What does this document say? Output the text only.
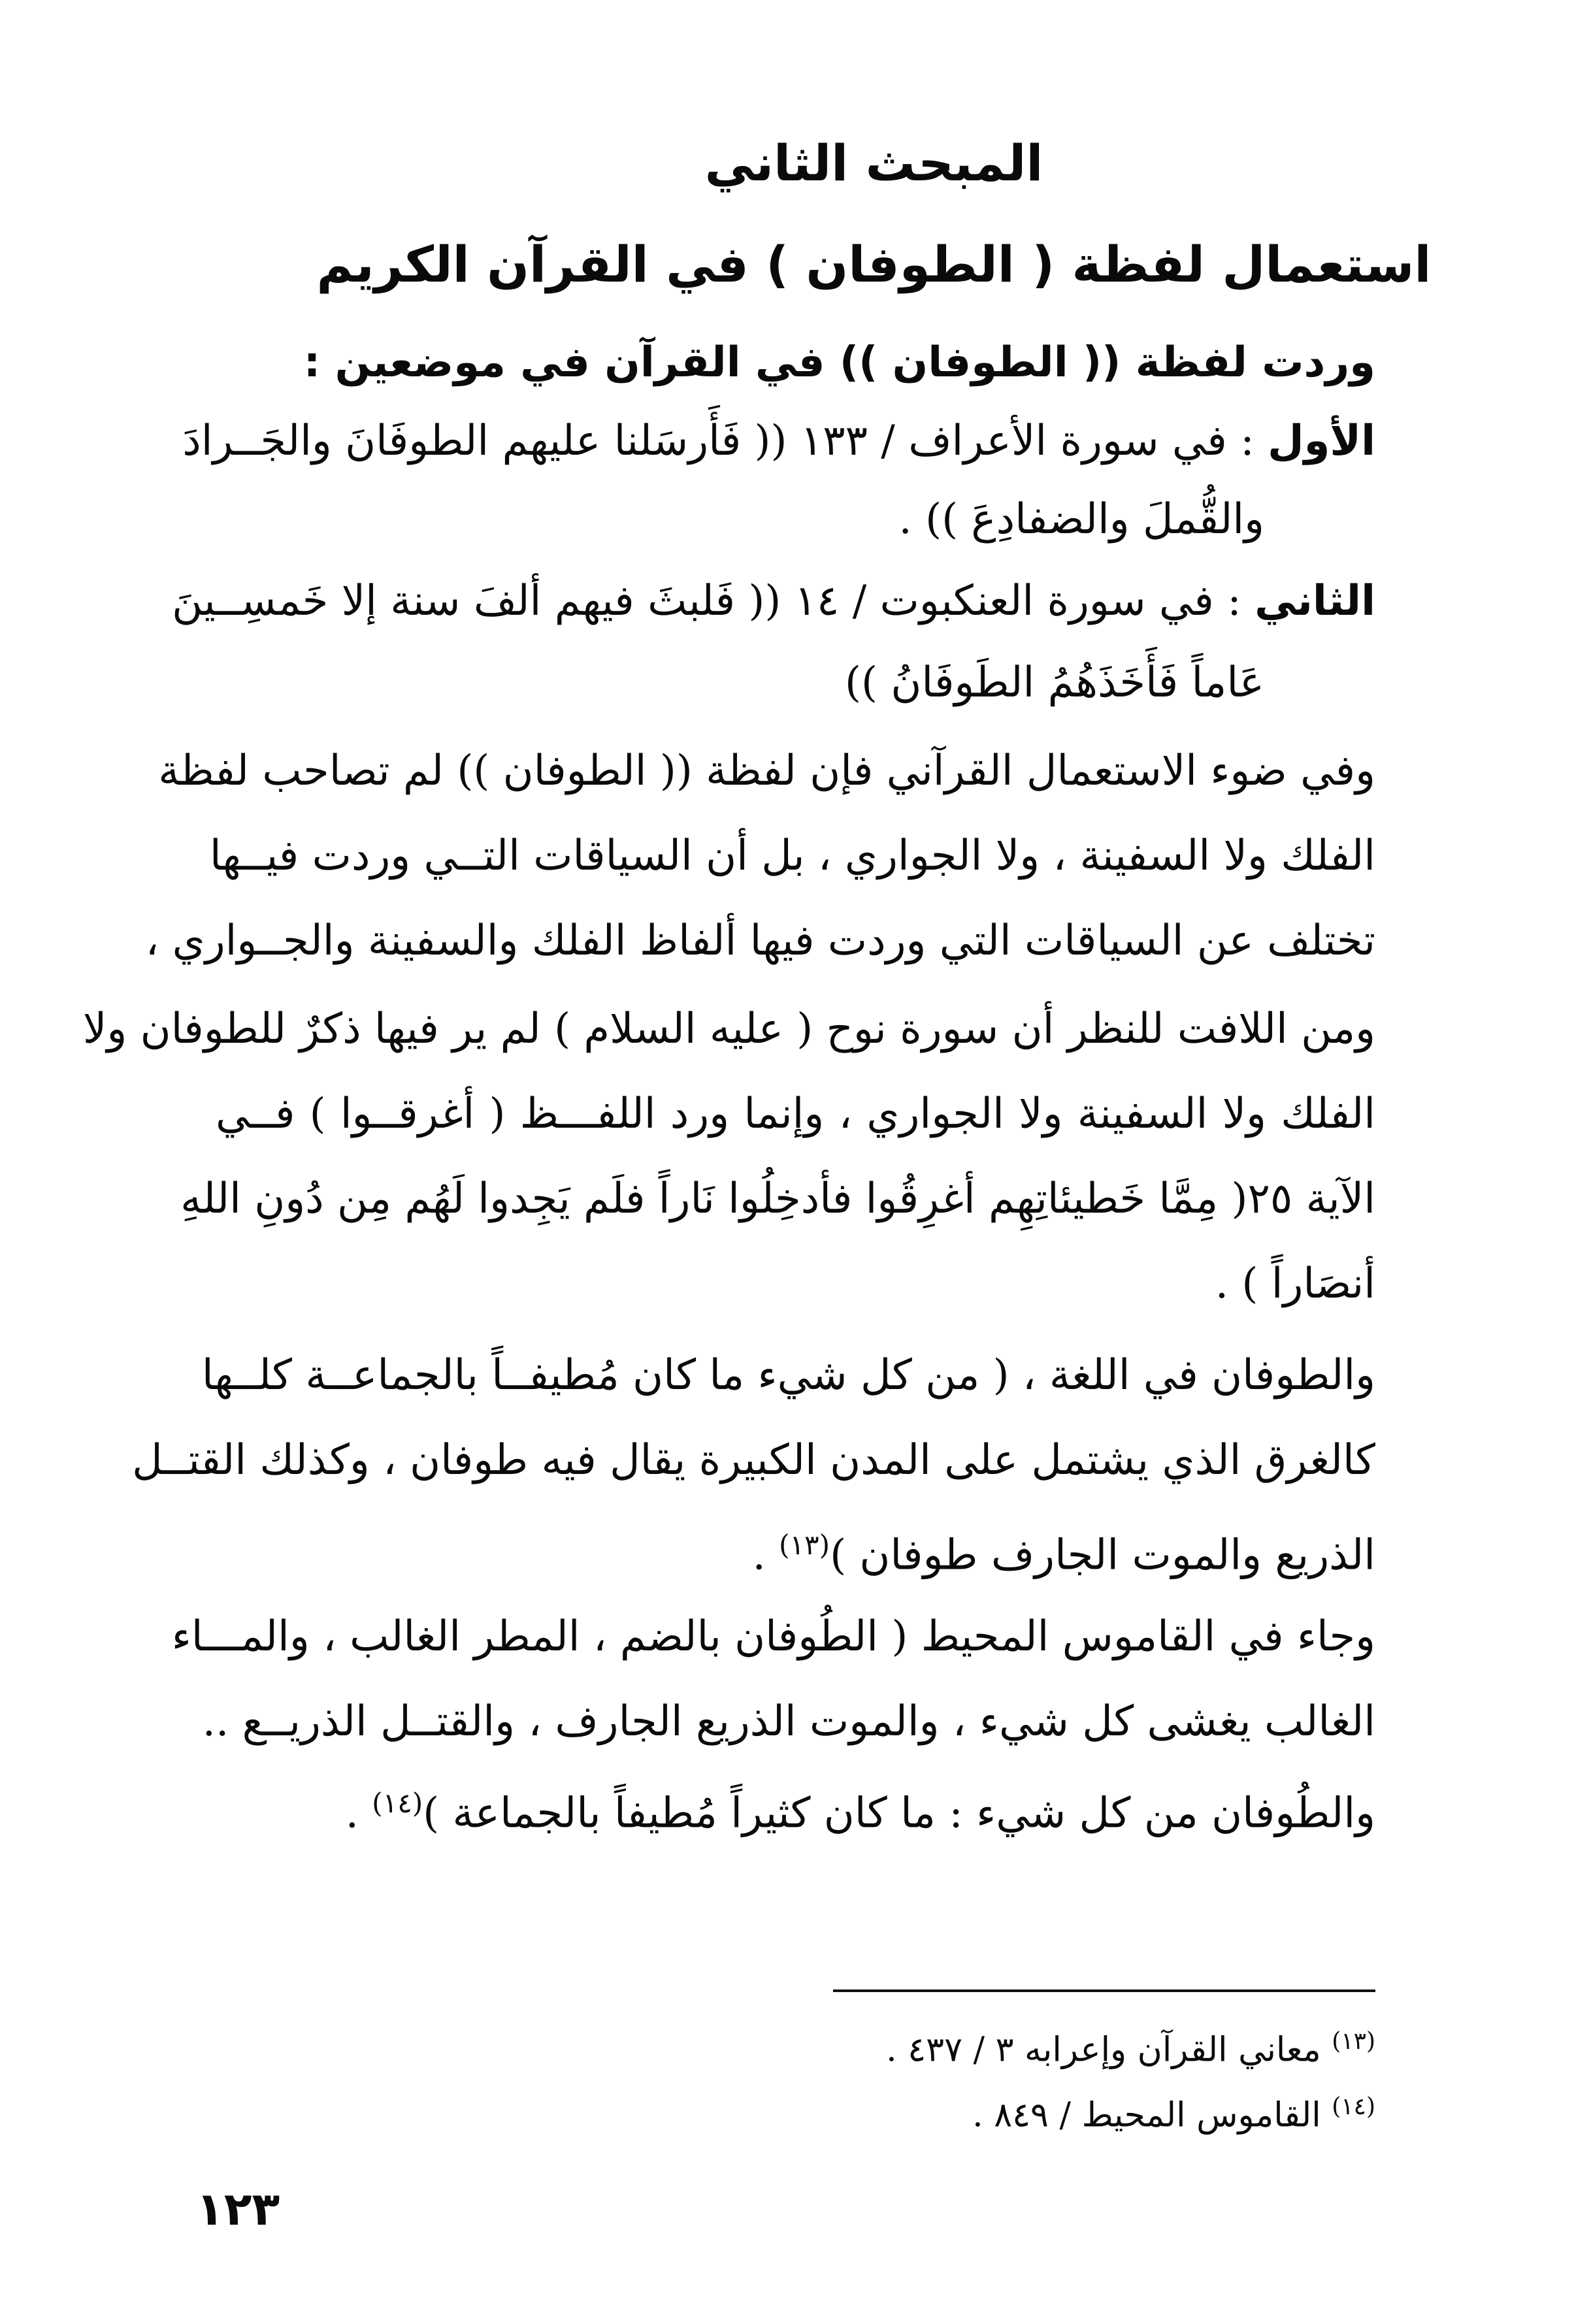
المبحث الثاني
استعمال لفظة ( الطوفان ) في القرآن الكريم
وردت لفظة (( الطوفان )) في القرآن في موضعين :
الأول : في سورة الأعراف / ١٣٣ (( فَأَرسَلنا عليهم الطوفَانَ والجَــرادَ
والقُّملَ والضفادِعَ )) .
الثاني : في سورة العنكبوت / ١٤ (( فَلبثَ فيهم ألفَ سنة إلا خَمسِــينَ
عَاماً فَأَخَذَهُمُ الطَوفَانُ ))
وفي ضوء الاستعمال القرآني فإن لفظة (( الطوفان )) لم تصاحب لفظة
الفلك ولا السفينة ، ولا الجواري ، بل أن السياقات التــي وردت فيــها
تختلف عن السياقات التي وردت فيها ألفاظ الفلك والسفينة والجــواري ،
ومن اللافت للنظر أن سورة نوح ( عليه السلام ) لم ير فيها ذكرٌ للطوفان ولا
الفلك ولا السفينة ولا الجواري ، وإنما ورد اللفـــظ ( أغرقــوا ) فــي
الآية ٢٥( مِمَّا خَطيئاتِهِم أغرِقُوا فأدخِلُوا نَاراً فلَم يَجِدوا لَهُم مِن دُونِ اللهِ
أنصَاراً ) .
والطوفان في اللغة ، ( من كل شيء ما كان مُطيفــاً بالجماعــة كلــها
كالغرق الذي يشتمل على المدن الكبيرة يقال فيه طوفان ، وكذلك القتــل
الذريع والموت الجارف طوفان )$^{(١٣)}$ .
وجاء في القاموس المحيط ( الطُوفان بالضم ، المطر الغالب ، والمـــاء
الغالب يغشى كل شيء ، والموت الذريع الجارف ، والقتــل الذريــع ..
والطُوفان من كل شيء : ما كان كثيراً مُطيفاً بالجماعة )$^{(١٤)}$ .
$^{(١٣)}$ معاني القرآن وإعرابه ٣ / ٤٣٧ .
$^{(١٤)}$ القاموس المحيط / ٨٤٩ .
١٢٣
